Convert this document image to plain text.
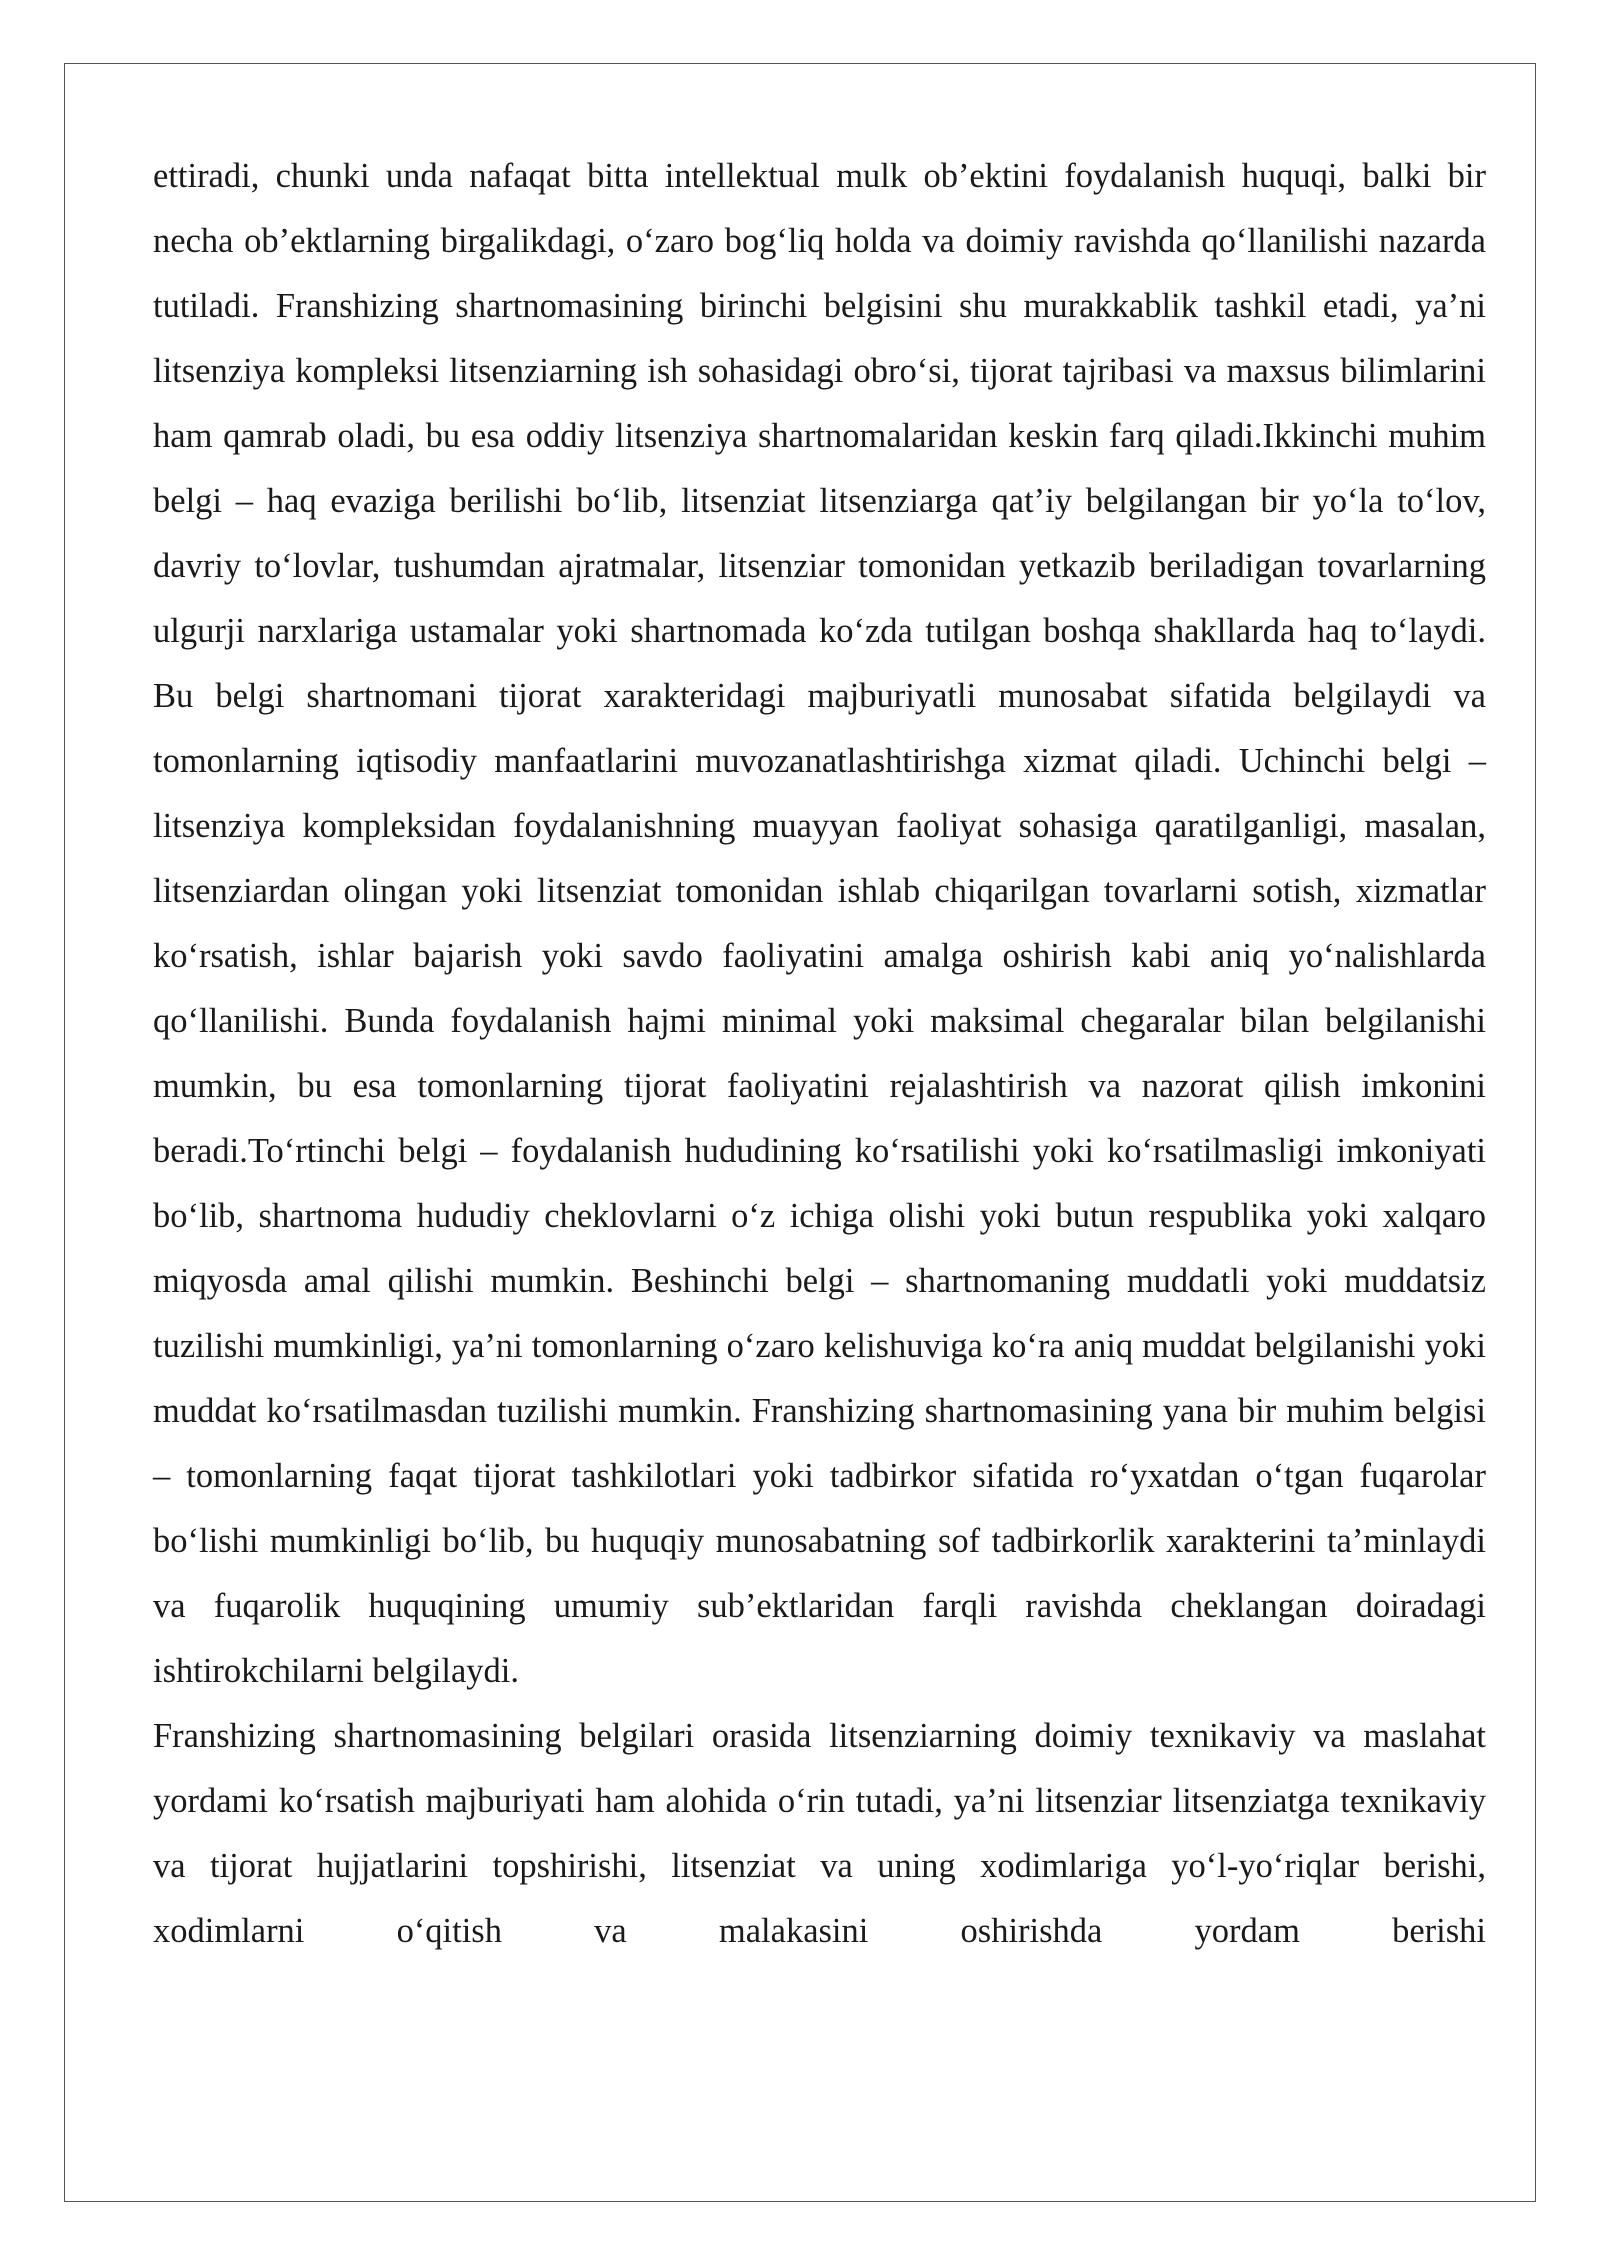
ettiradi, chunki unda nafaqat bitta intellektual mulk ob’ektini foydalanish huquqi, balki bir necha ob’ektlarning birgalikdagi, o‘zaro bog‘liq holda va doimiy ravishda qo‘llanilishi nazarda tutiladi. Franshizing shartnomasining birinchi belgisini shu murakkablik tashkil etadi, ya’ni litsenziya kompleksi litsenziarning ish sohasidagi obro‘si, tijorat tajribasi va maxsus bilimlarini ham qamrab oladi, bu esa oddiy litsenziya shartnomalaridan keskin farq qiladi.Ikkinchi muhim belgi – haq evaziga berilishi bo‘lib, litsenziat litsenziarga qat’iy belgilangan bir yo‘la to‘lov, davriy to‘lovlar, tushumdan ajratmalar, litsenziar tomonidan yetkazib beriladigan tovarlarning ulgurji narxlariga ustamalar yoki shartnomada ko‘zda tutilgan boshqa shakllarda haq to‘laydi. Bu belgi shartnomani tijorat xarakteridagi majburiyatli munosabat sifatida belgilaydi va tomonlarning iqtisodiy manfaatlarini muvozanatlashtirishga xizmat qiladi. Uchinchi belgi – litsenziya kompleksidan foydalanishning muayyan faoliyat sohasiga qaratilganligi, masalan, litsenziardan olingan yoki litsenziat tomonidan ishlab chiqarilgan tovarlarni sotish, xizmatlar ko‘rsatish, ishlar bajarish yoki savdo faoliyatini amalga oshirish kabi aniq yo‘nalishlarda qo‘llanilishi. Bunda foydalanish hajmi minimal yoki maksimal chegaralar bilan belgilanishi mumkin, bu esa tomonlarning tijorat faoliyatini rejalashtirish va nazorat qilish imkonini beradi.To‘rtinchi belgi – foydalanish hududining ko‘rsatilishi yoki ko‘rsatilmasligi imkoniyati bo‘lib, shartnoma hududiy cheklovlarni o‘z ichiga olishi yoki butun respublika yoki xalqaro miqyosda amal qilishi mumkin. Beshinchi belgi – shartnomaning muddatli yoki muddatsiz tuzilishi mumkinligi, ya’ni tomonlarning o‘zaro kelishuviga ko‘ra aniq muddat belgilanishi yoki muddat ko‘rsatilmasdan tuzilishi mumkin. Franshizing shartnomasining yana bir muhim belgisi – tomonlarning faqat tijorat tashkilotlari yoki tadbirkor sifatida ro‘yxatdan o‘tgan fuqarolar bo‘lishi mumkinligi bo‘lib, bu huquqiy munosabatning sof tadbirkorlik xarakterini ta’minlaydi va fuqarolik huquqining umumiy sub’ektlaridan farqli ravishda cheklangan doiradagi ishtirokchilarni belgilaydi.

Franshizing shartnomasining belgilari orasida litsenziarning doimiy texnikaviy va maslahat yordami ko‘rsatish majburiyati ham alohida o‘rin tutadi, ya’ni litsenziar litsenziatga texnikaviy va tijorat hujjatlarini topshirishi, litsenziat va uning xodimlariga yo‘l-yo‘riqlar berishi, xodimlarni o‘qitish va malakasini oshirishda yordam berishi
